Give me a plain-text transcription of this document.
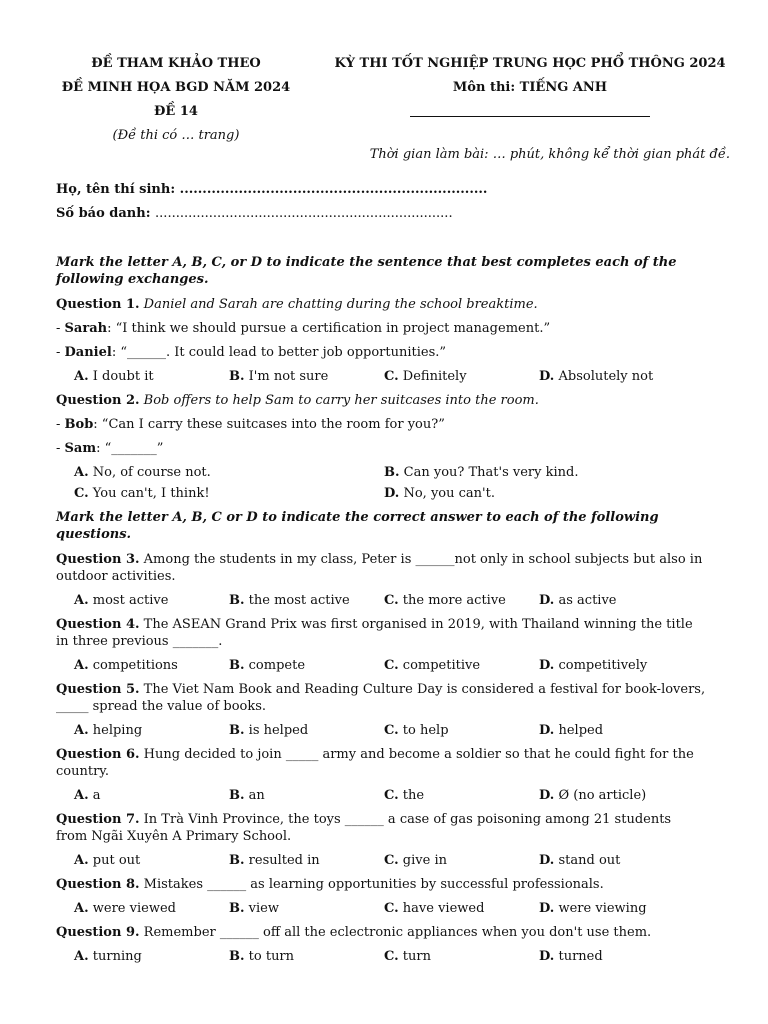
ĐỀ THAM KHẢO THEO
ĐỀ MINH HỌA BGD NĂM 2024
ĐỀ 14
(Đề thi có … trang)
KỲ THI TỐT NGHIỆP TRUNG HỌC PHỔ THÔNG 2024
Môn thi: TIẾNG ANH
Thời gian làm bài: … phút, không kể thời gian phát đề.
Họ, tên thí sinh: ....................................................................
Số báo danh: ........................................................................
Mark the letter A, B, C, or D to indicate the sentence that best completes each of the following exchanges.
Question 1. Daniel and Sarah are chatting during the school breaktime.
- Sarah: “I think we should pursue a certification in project management.”
- Daniel: “______. It could lead to better job opportunities.”
A. I doubt it	B. I'm not sure	C. Definitely	D. Absolutely not
Question 2. Bob offers to help Sam to carry her suitcases into the room.
- Bob: “Can I carry these suitcases into the room for you?”
- Sam: “_______”
A. No, of course not.	B. Can you? That's very kind.
C. You can't, I think!	D. No, you can't.
Mark the letter A, B, C or D to indicate the correct answer to each of the following questions.
Question 3. Among the students in my class, Peter is ______not only in school subjects but also in outdoor activities.
A. most active	B. the most active	C. the more active	D. as active
Question 4. The ASEAN Grand Prix was first organised in 2019, with Thailand winning the title in three previous _______.
A. competitions	B. compete	C. competitive	D. competitively
Question 5. The Viet Nam Book and Reading Culture Day is considered a festival for book-lovers, _____ spread the value of books.
A. helping	B. is helped	C. to help	D. helped
Question 6. Hung decided to join _____ army and become a soldier so that he could fight for the country.
A. a	B. an	C. the	D. Ø (no article)
Question 7. In Trà Vinh Province, the toys ______ a case of gas poisoning among 21 students from Ngãi Xuyên A Primary School.
A. put out	B. resulted in	C. give in	D. stand out
Question 8. Mistakes ______ as learning opportunities by successful professionals.
A. were viewed	B. view	C. have viewed	D. were viewing
Question 9. Remember ______ off all the eclectronic appliances when you don't use them.
A. turning	B. to turn	C. turn	D. turned
